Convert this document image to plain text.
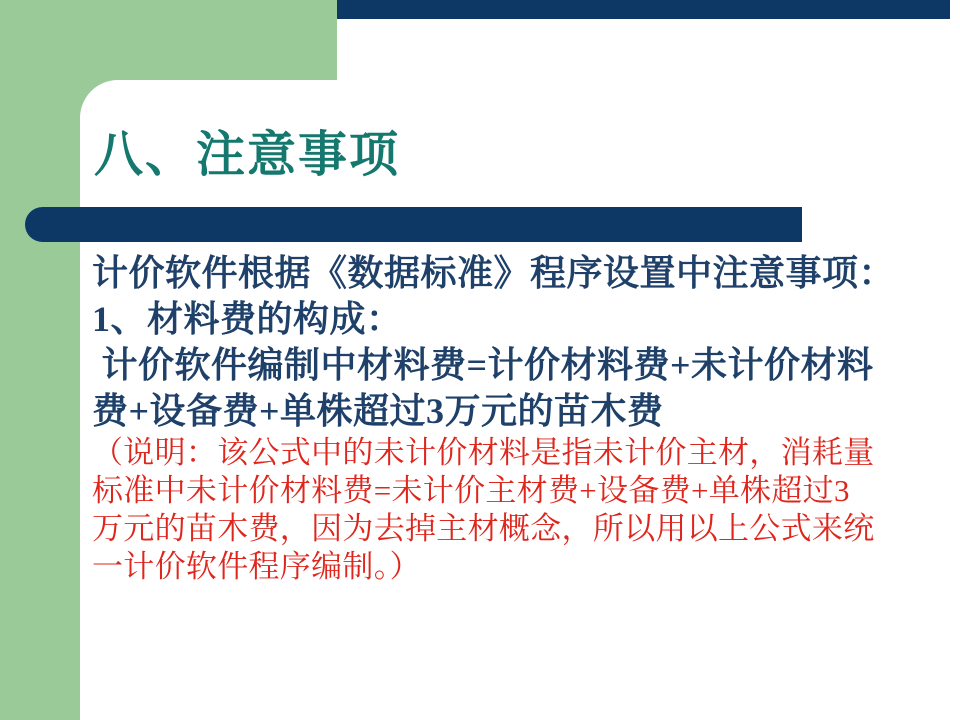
八、注意事项
计价软件根据《数据标准》程序设置中注意事项：
1、材料费的构成：
计价软件编制中材料费=计价材料费+未计价材料
费+设备费+单株超过3万元的苗木费
（说明：该公式中的未计价材料是指未计价主材，消耗量
标准中未计价材料费=未计价主材费+设备费+单株超过3
万元的苗木费，因为去掉主材概念，所以用以上公式来统
一计价软件程序编制。）
